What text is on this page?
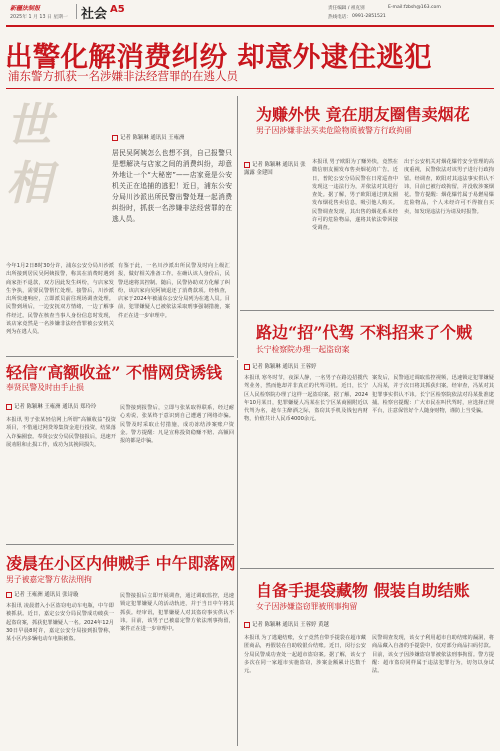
新疆法制报
2025年 1 月 13 日 星期一 社会 A5	责任编辑 / 祖克别	E-mail:fzbsh@163.com
热线电话： 0991-2851521
出警化解消费纠纷 却意外逮住逃犯
浦东警方抓获一名涉嫌非法经营罪的在逃人员
世
相
记者 陈颖琳 通讯员 王雍洲
居民吴阿姨怎么也想不到，自己报警只是想解决与店家之间的消费纠纷，却意外地让一个“大秘密”——店家竟是公安机关正在追捕的逃犯！近日，浦东公安分局川沙派出所民警出警处理一起消费纠纷时，抓获一名涉嫌非法经营罪的在逃人员。
今年1月2日8时30分许，浦东公安分局川沙派出所接到居民吴阿姨报警，称其在消费时遇到商家拒不退款，双方因此发生纠纷，与店家发生争执，需要民警帮忙处理。接警后，川沙派出所快速响应，立即派员前往现场调查处理。民警到场后，一边安抚双方情绪，一边了解事件经过。民警在核查当事人身份信息时发现，该店家竟然是一名涉嫌非法经营罪被公安机关列为在逃人员。
有鉴于此，一名川沙派出所民警及时向上级汇报，做好相关准备工作。在确认该人身份后，民警迅速将其控制。随后，民警协助双方化解了纠纷，该店家向吴阿姨退还了消费款项。经核查，店家于2024年被浦东公安分局列为在逃人员。目前，犯罪嫌疑人已被依法采取刑事强制措施，案件正在进一步审理中。
为赚外快 竟在朋友圈售卖烟花
男子因涉嫌非法买卖危险物质被警方行政拘留
记者 陈颖琳 通讯员 张露露 金建国
本报讯 男子欧阳为了赚外快，竟然在微信朋友圈发布售卖烟花的广告。近日，普陀公安分局民警在日常巡查中发现这一违法行为，并依法对其进行查处。据了解，男子欧阳通过朋友圈发布烟花售卖信息，吸引他人购买。民警调查发现，其出售的烟花系未经许可的危险物品，遂将其依法带回接受调查。
出于公安机关对烟花爆竹安全管理的高度重视，民警依法对该男子进行行政拘留。经调查，欧阳对其违法事实供认不讳，目前已被行政拘留，并没收涉案烟花。警方提醒：烟花爆竹属于易燃易爆危险物品，个人未经许可不得擅自买卖，如发现违法行为请及时报警。
路边“招”代驾 不料招来了个贼
长宁检察院办理一起盗窃案
记者 陈颖琳 通讯员 王蓉婷
本报讯 寒冬时节，夜深人静，一名男子在路边招揽代驾业务，然而他却并非真正的代驾司机。近日，长宁区人民检察院办理了这样一起盗窃案。据了解，2024年10月某日，犯罪嫌疑人冯某在长宁区某商圈附近以代驾为名，趁车主醉酒之际，盗窃其手机及钱包内财物，价值共计人民币4000余元。
案发后，民警通过调取监控视频，迅速锁定犯罪嫌疑人冯某，并于次日将其抓获归案。经审查，冯某对其犯罪事实供认不讳。长宁区检察院依法对冯某批准逮捕。检察官提醒：广大市民在叫代驾时，应选择正规平台，注意保管好个人随身财物，谨防上当受骗。
轻信“高额收益” 不惜网贷诱钱
奉贤民警及时由手止损
记者 陈颖琳 王雍洲 通讯员 郑玲玲
本报讯 男子张某轻信网上所谓“高额收益”投资项目，不惜通过网贷筹集资金进行投资，结果落入诈骗圈套。奉贤公安分局民警接报后，迅速开展劝阻和止损工作，成功为其挽回损失。
民警接到报警后，立即与张某取得联系，经过耐心劝说，张某终于意识到自己遭遇了网络诈骗。民警及时采取止付措施，成功冻结涉案账户资金。警方提醒：凡是宣称投资稳赚不赔、高额回报的都是诈骗。
凌晨在小区内伸贼手 中午即落网
男子被嘉定警方依法刑拘
记者 王雍洲 通讯员 张诗璇
本报讯 凌晨潜入小区盗窃电动车电瓶，中午即被抓获。近日，嘉定公安分局民警成功破获一起盗窃案，抓获犯罪嫌疑人一名。2024年12月30日早晨8时许，嘉定公安分局接到报警称，某小区内多辆电动车电瓶被盗。
民警接报后立即开展调查，通过调取监控，迅速锁定犯罪嫌疑人的活动轨迹，并于当日中午将其抓获。经审讯，犯罪嫌疑人对其盗窃事实供认不讳。目前，该男子已被嘉定警方依法刑事拘留，案件正在进一步审理中。
自备手提袋藏物 假装自助结账
女子因涉嫌盗窃罪被刑事拘留
记者 陈颖琳 通讯员 王蓉婷 黄越
本报讯 为了逃避结账，女子竟然自带手提袋在超市藏匿商品，再假装在自助收银台结账。近日，闵行公安分局民警成功查处一起超市盗窃案。据了解，该女子多次在同一家超市实施盗窃，涉案金额累计达数千元。
民警调查发现，该女子利用超市自助结账的漏洞，将商品藏入自备的手提袋中，仅对部分商品扫码付款。目前，该女子因涉嫌盗窃罪被依法刑事拘留。警方提醒：超市盗窃同样属于违法犯罪行为，切勿以身试法。
